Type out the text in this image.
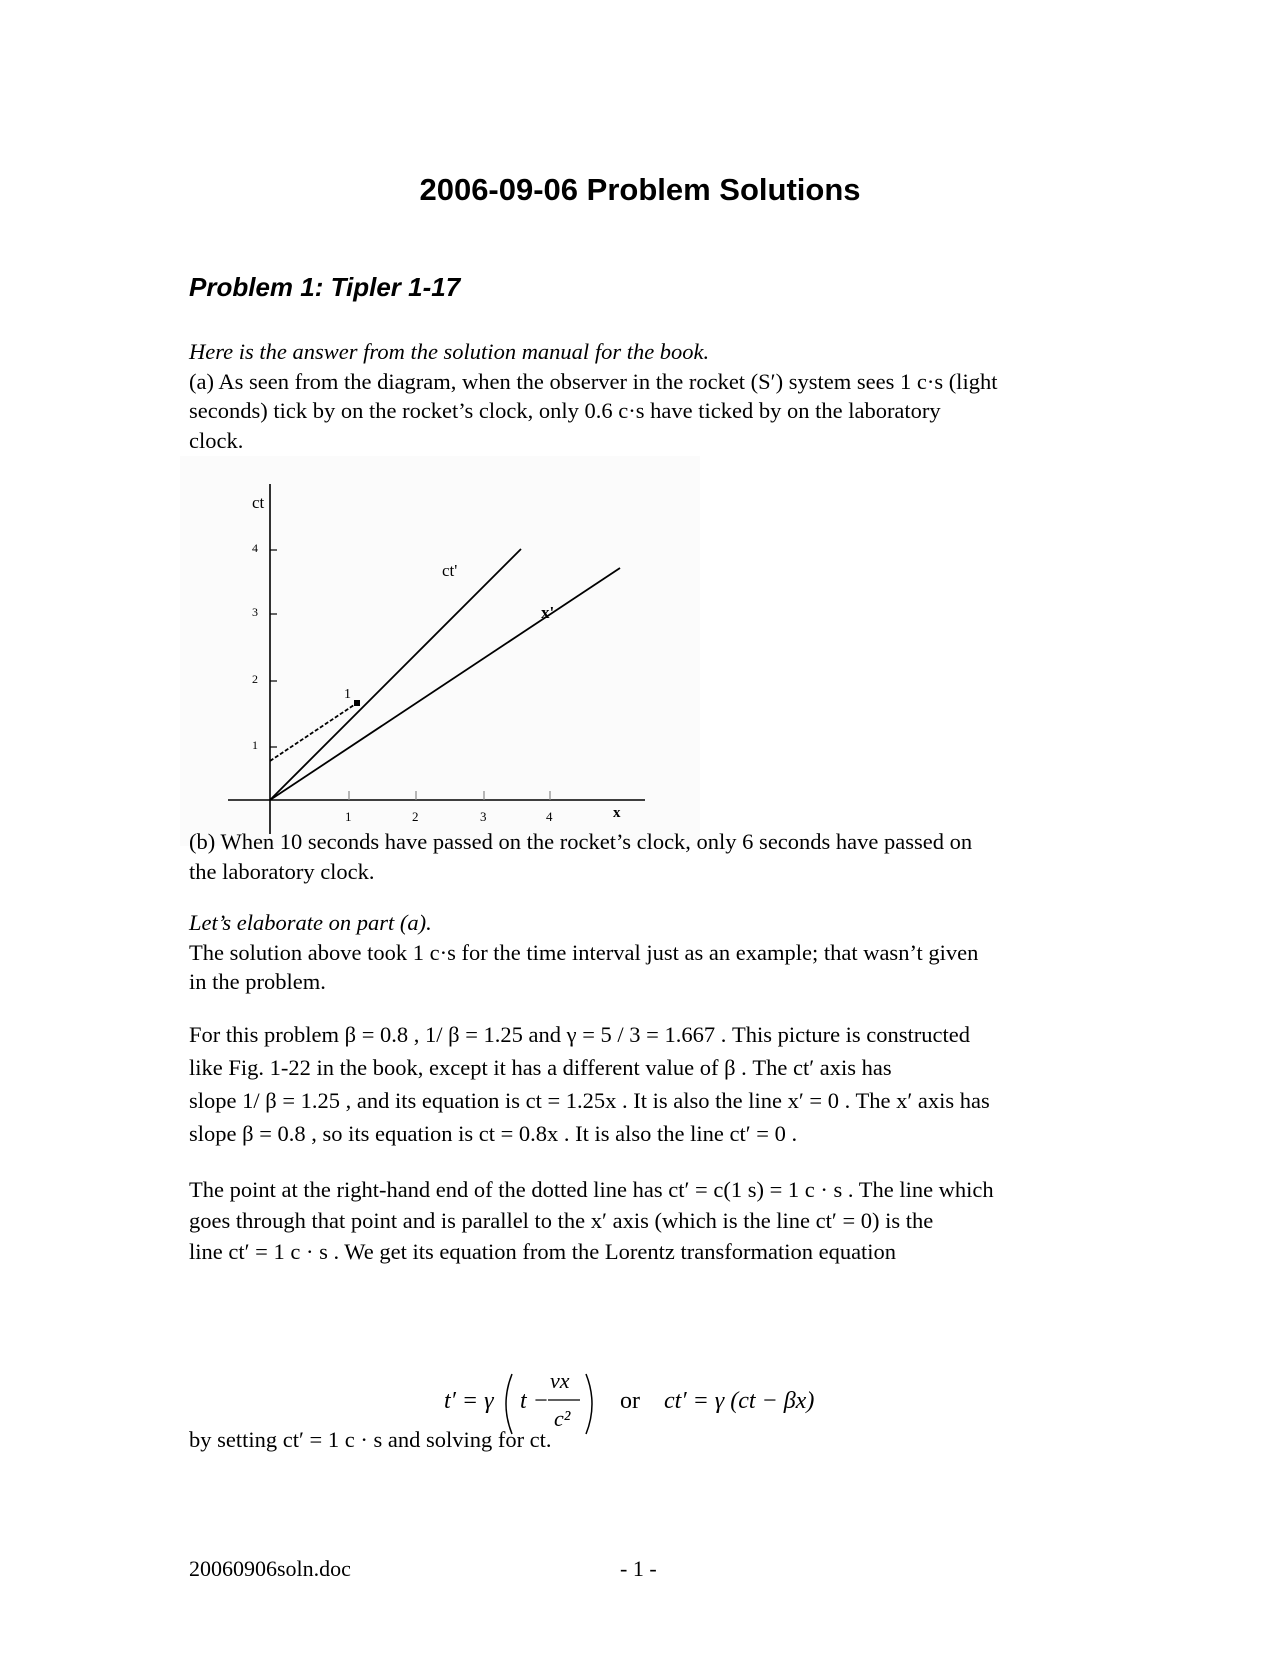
2006-09-06 Problem Solutions
Problem 1: Tipler 1-17
Here is the answer from the solution manual for the book.
(a) As seen from the diagram, when the observer in the rocket (S′) system sees 1 c·s (light
seconds) tick by on the rocket’s clock, only 0.6 c·s have ticked by on the laboratory
clock.
ct
x
4
3
2
1
1	2	3	4
ct'
x'
1
(b) When 10 seconds have passed on the rocket’s clock, only 6 seconds have passed on
the laboratory clock.
Let’s elaborate on part (a).
The solution above took 1 c·s for the time interval just as an example; that wasn’t given
in the problem.
For this problem β = 0.8 , 1/ β = 1.25 and γ = 5 / 3 = 1.667 . This picture is constructed
like Fig. 1-22 in the book, except it has a different value of β . The ct′ axis has
slope 1/ β = 1.25 , and its equation is ct = 1.25x . It is also the line x′ = 0 . The x′ axis has
slope β = 0.8 , so its equation is ct = 0.8x . It is also the line ct′ = 0 .
The point at the right-hand end of the dotted line has ct′ = c(1 s) = 1 c · s . The line which
goes through that point and is parallel to the x′ axis (which is the line ct′ = 0) is the
line ct′ = 1 c · s . We get its equation from the Lorentz transformation equation
t′ = γ t −
vx
c²
or ct′ = γ (ct − βx)
by setting ct′ = 1 c · s and solving for ct.
20060906soln.doc	- 1 -
